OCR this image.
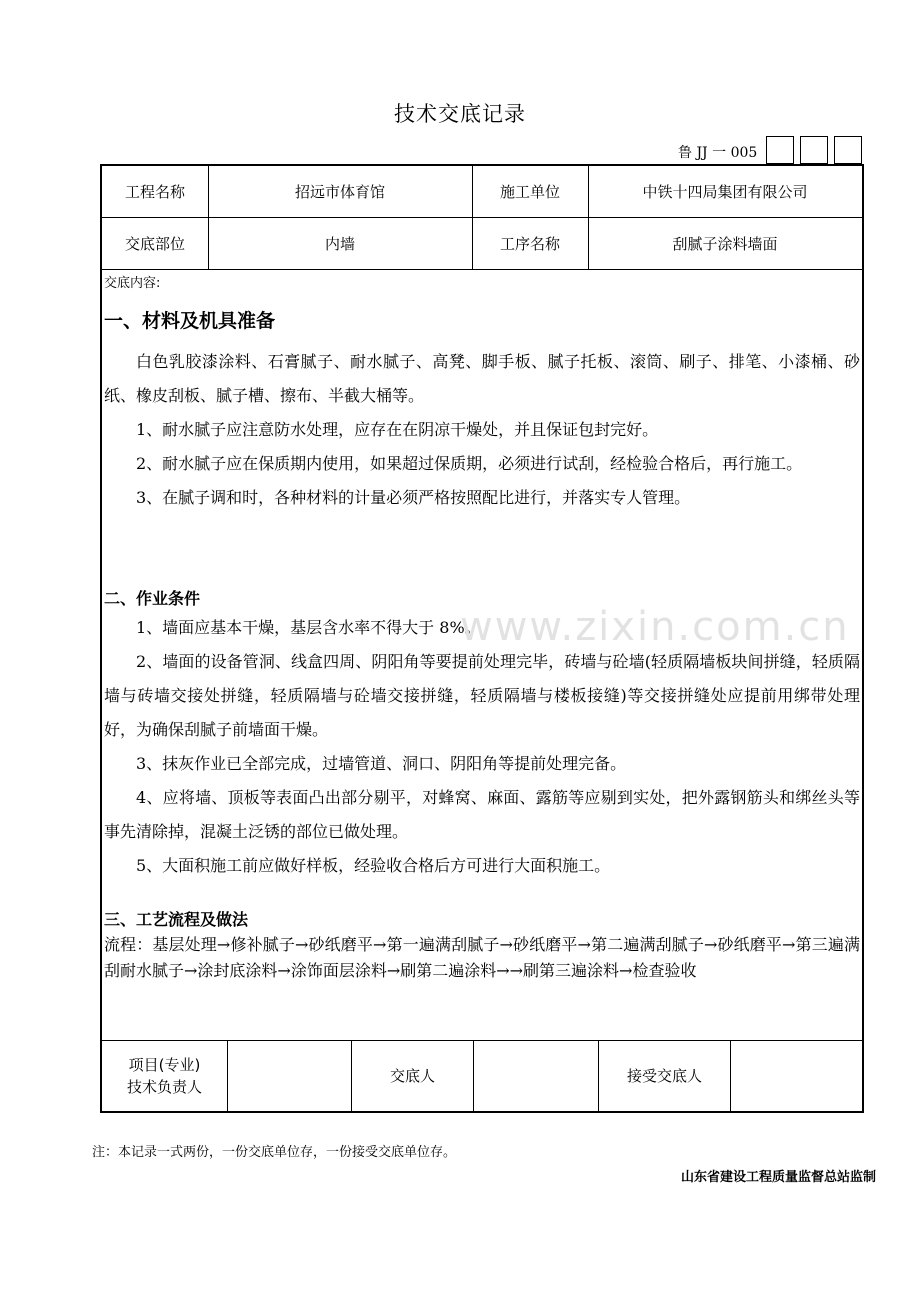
技术交底记录
鲁 JJ 一 005
工程名称	招远市体育馆	施工单位	中铁十四局集团有限公司
交底部位	内墙	工序名称	刮腻子涂料墙面
交底内容:
一、材料及机具准备

白色乳胶漆涂料、石膏腻子、耐水腻子、高凳、脚手板、腻子托板、滚筒、刷子、排笔、小漆桶、砂纸、橡皮刮板、腻子槽、擦布、半截大桶等。

1、耐水腻子应注意防水处理，应存在在阴凉干燥处，并且保证包封完好。

2、耐水腻子应在保质期内使用，如果超过保质期，必须进行试刮，经检验合格后，再行施工。

3、在腻子调和时，各种材料的计量必须严格按照配比进行，并落实专人管理。

二、作业条件

1、墙面应基本干燥，基层含水率不得大于 8%。

2、墙面的设备管洞、线盒四周、阴阳角等要提前处理完毕，砖墙与砼墙(轻质隔墙板块间拼缝，轻质隔墙与砖墙交接处拼缝，轻质隔墙与砼墙交接拼缝，轻质隔墙与楼板接缝)等交接拼缝处应提前用绑带处理好，为确保刮腻子前墙面干燥。

3、抹灰作业已全部完成，过墙管道、洞口、阴阳角等提前处理完备。

4、应将墙、顶板等表面凸出部分剔平，对蜂窝、麻面、露筋等应剔到实处，把外露钢筋头和绑丝头等事先清除掉，混凝土泛锈的部位已做处理。

5、大面积施工前应做好样板，经验收合格后方可进行大面积施工。

三、工艺流程及做法

流程：基层处理→修补腻子→砂纸磨平→第一遍满刮腻子→砂纸磨平→第二遍满刮腻子→砂纸磨平→第三遍满刮耐水腻子→涂封底涂料→涂饰面层涂料→刷第二遍涂料→→刷第三遍涂料→检查验收

项目(专业)
技术负责人
交底人	接受交底人
www.zixin.com.cn
注：本记录一式两份，一份交底单位存，一份接受交底单位存。
山东省建设工程质量监督总站监制
